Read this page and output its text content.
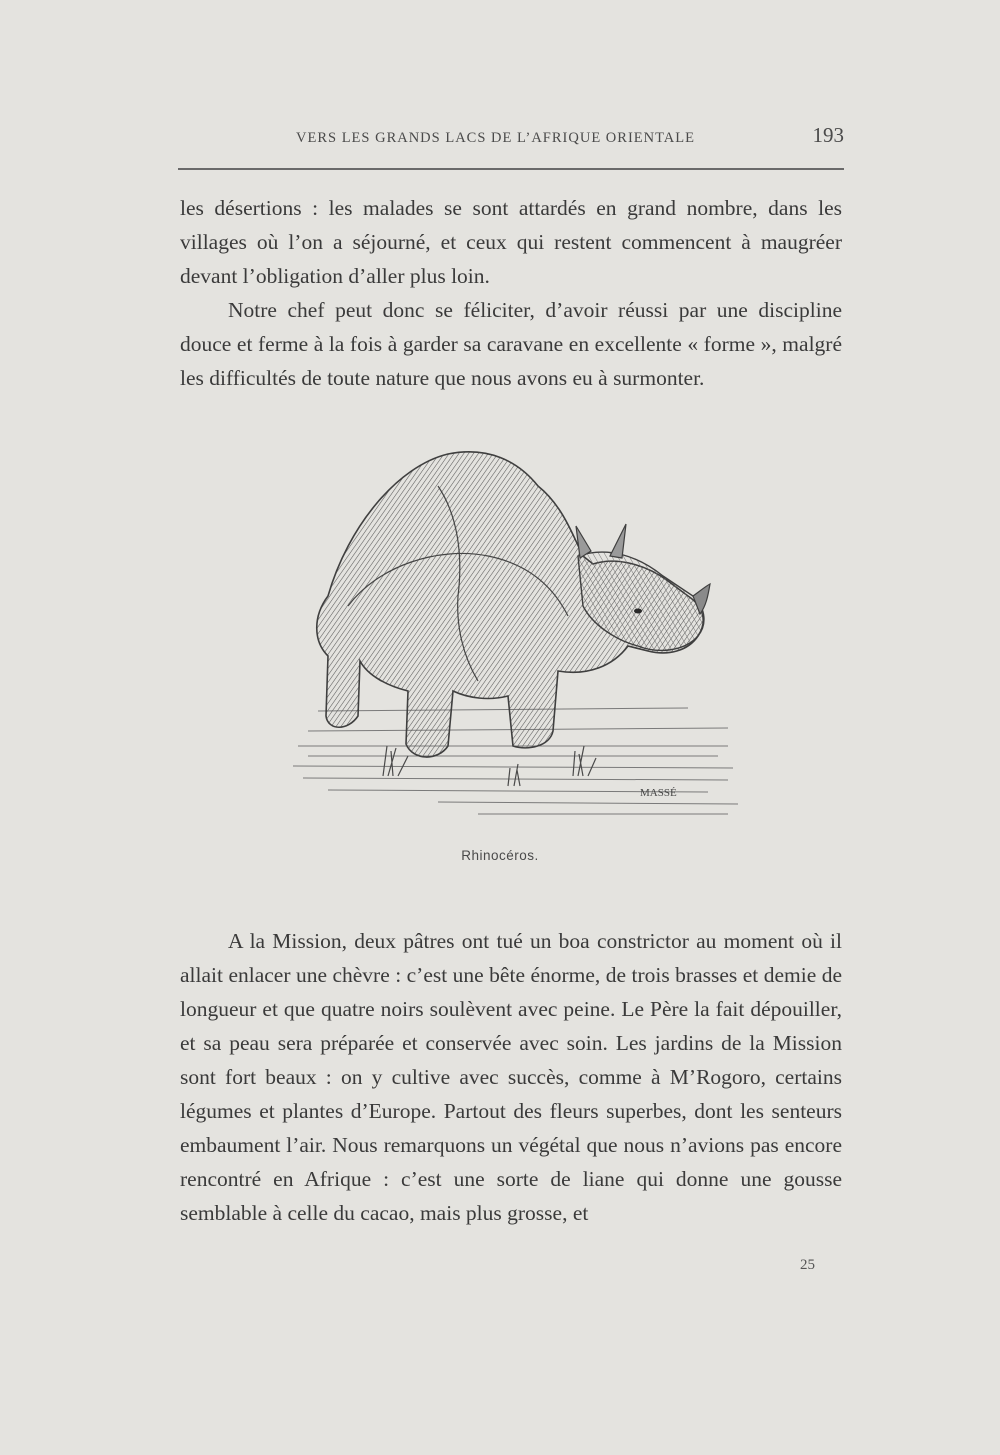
VERS LES GRANDS LACS DE L’AFRIQUE ORIENTALE	193

les désertions : les malades se sont attardés en grand nombre, dans les villages où l’on a séjourné, et ceux qui restent commencent à maugréer devant l’obligation d’aller plus loin.

Notre chef peut donc se féliciter, d’avoir réussi par une discipline douce et ferme à la fois à garder sa caravane en excellente « forme », malgré les difficultés de toute nature que nous avons eu à surmonter.

MASSÉ
Rhinocéros.

A la Mission, deux pâtres ont tué un boa constrictor au moment où il allait enlacer une chèvre : c’est une bête énorme, de trois brasses et demie de longueur et que quatre noirs soulèvent avec peine. Le Père la fait dépouiller, et sa peau sera préparée et conservée avec soin. Les jardins de la Mission sont fort beaux : on y cultive avec succès, comme à M’Rogoro, certains légumes et plantes d’Europe. Partout des fleurs superbes, dont les senteurs embaument l’air. Nous remarquons un végétal que nous n’avions pas encore rencontré en Afrique : c’est une sorte de liane qui donne une gousse semblable à celle du cacao, mais plus grosse, et

25
